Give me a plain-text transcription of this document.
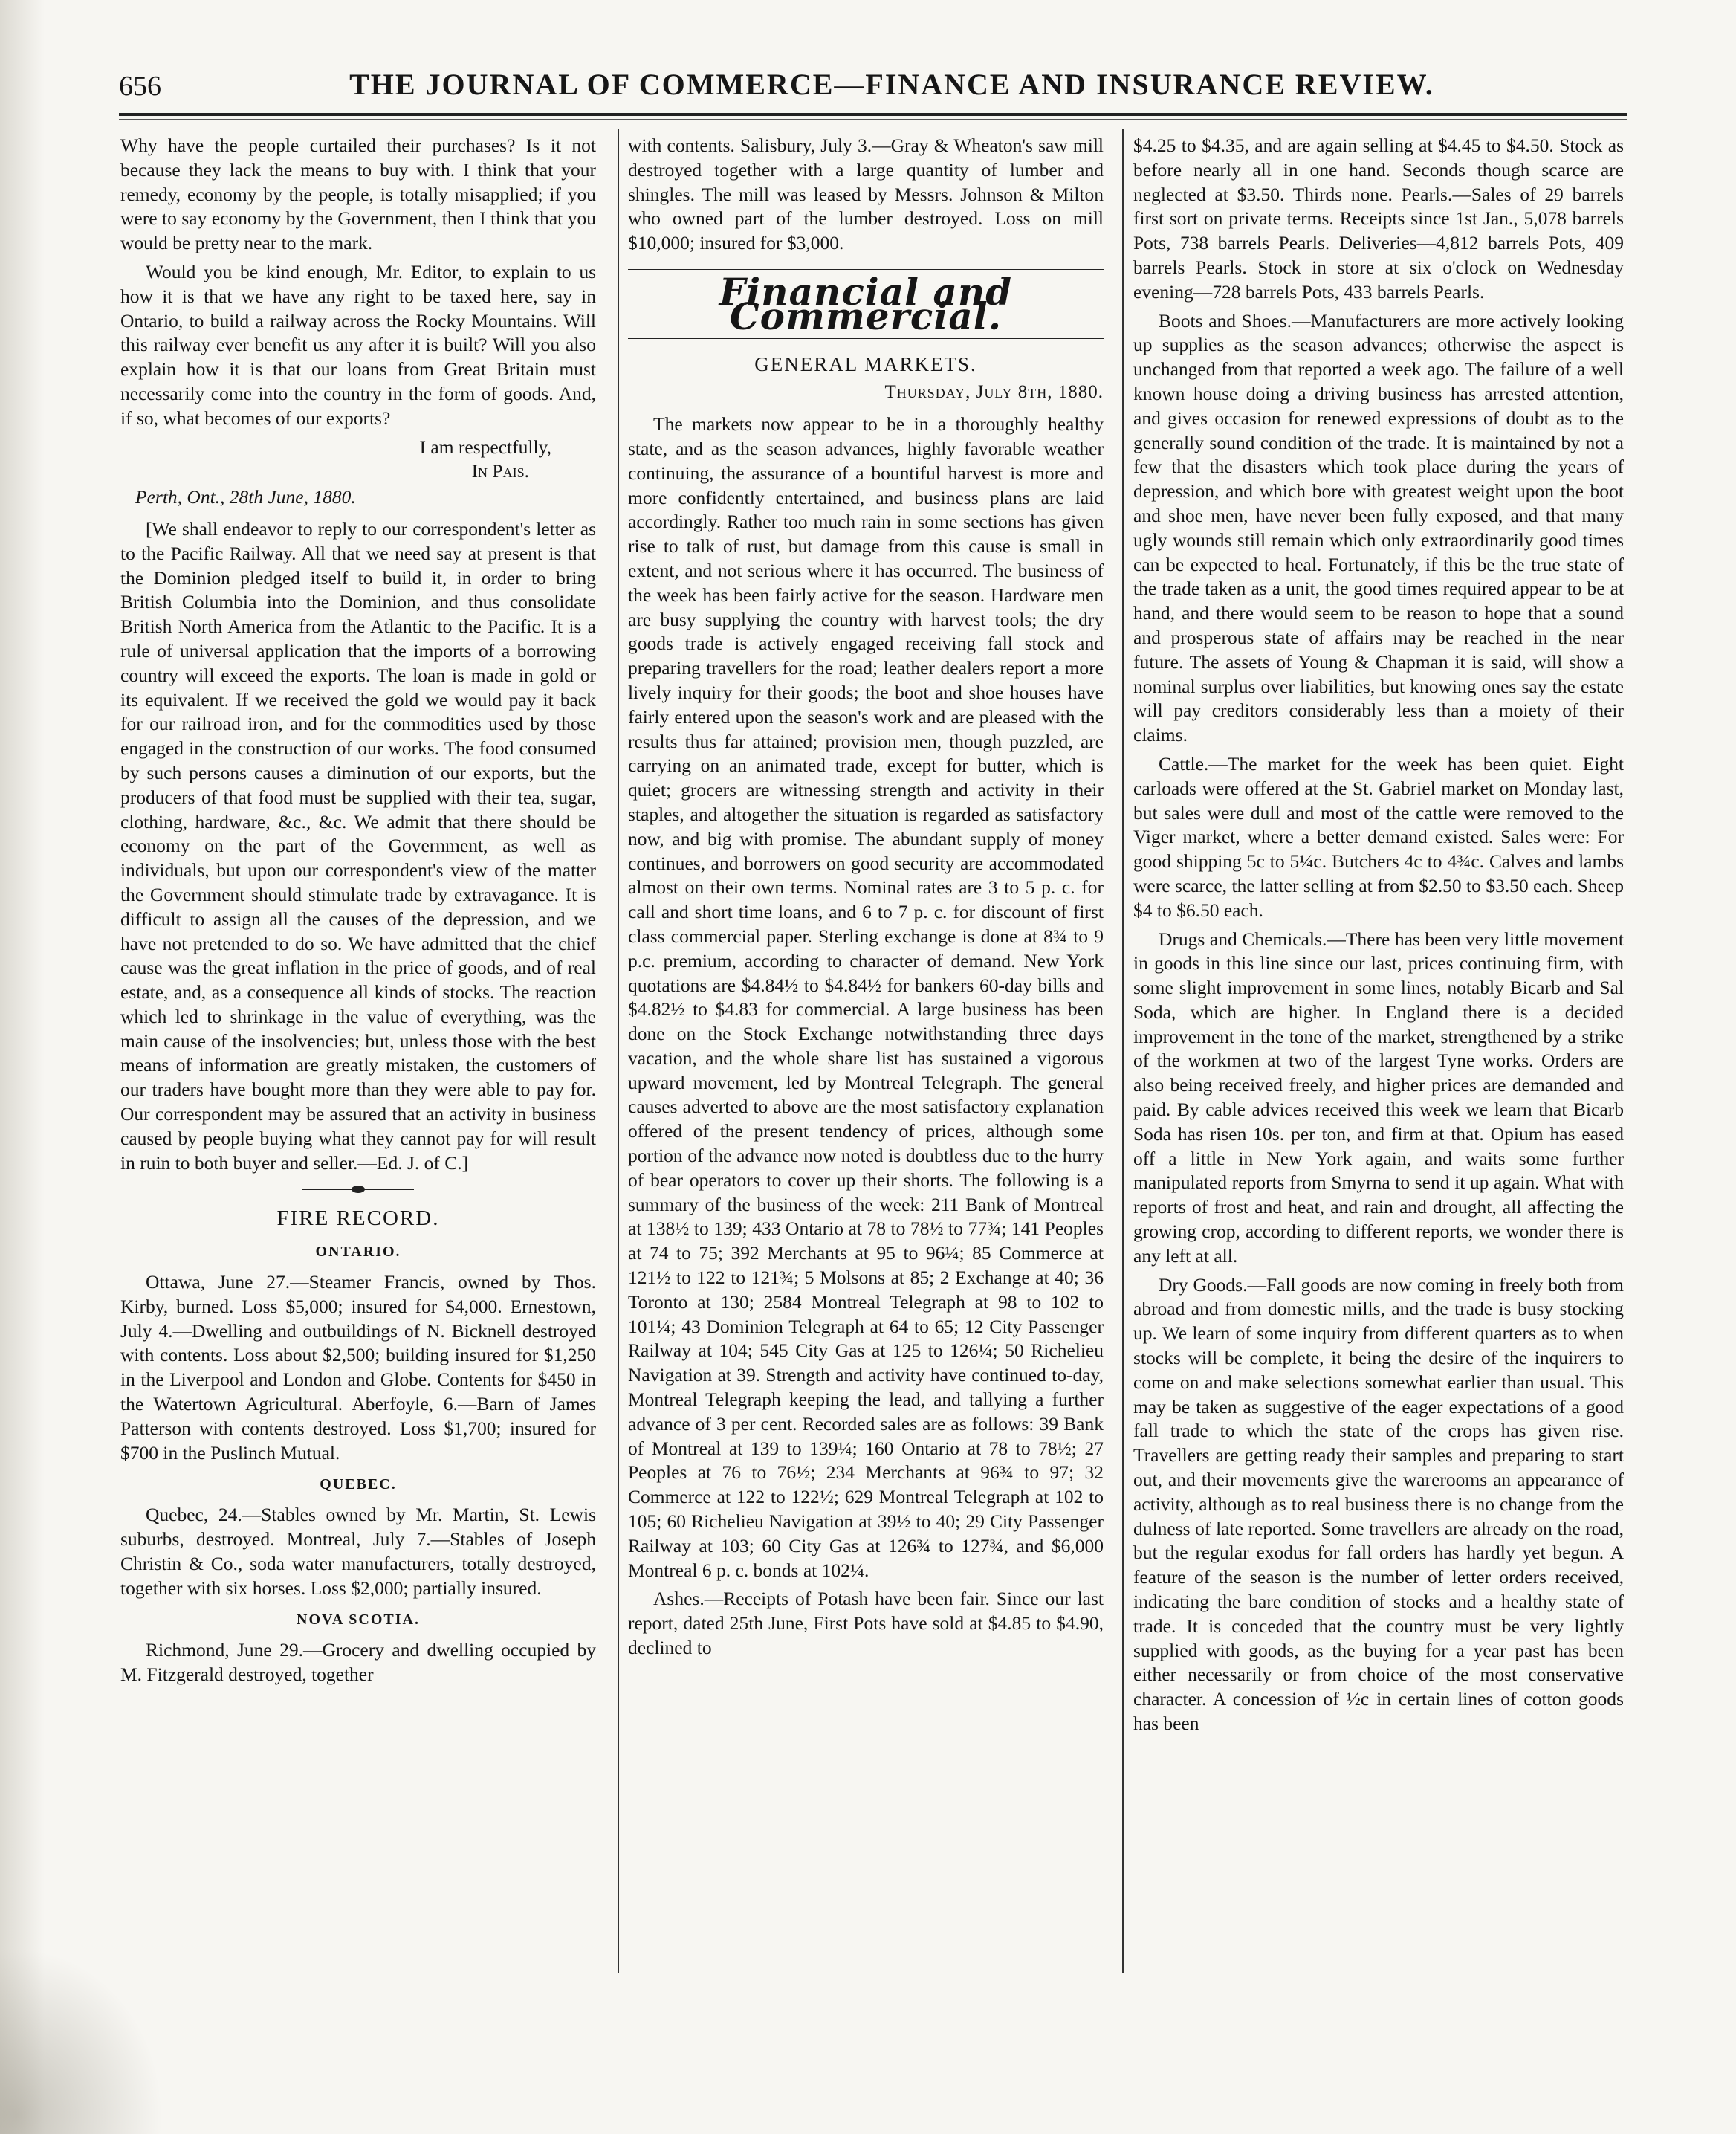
656	THE JOURNAL OF COMMERCE—FINANCE AND INSURANCE REVIEW.

Why have the people curtailed their purchases? Is it not because they lack the means to buy with. I think that your remedy, economy by the people, is totally misapplied; if you were to say economy by the Government, then I think that you would be pretty near to the mark.

Would you be kind enough, Mr. Editor, to explain to us how it is that we have any right to be taxed here, say in Ontario, to build a railway across the Rocky Mountains. Will this railway ever benefit us any after it is built? Will you also explain how it is that our loans from Great Britain must necessarily come into the country in the form of goods. And, if so, what becomes of our exports?

I am respectfully,

In Pais.

Perth, Ont., 28th June, 1880.

[We shall endeavor to reply to our correspondent's letter as to the Pacific Railway. All that we need say at present is that the Dominion pledged itself to build it, in order to bring British Columbia into the Dominion, and thus consolidate British North America from the Atlantic to the Pacific. It is a rule of universal application that the imports of a borrowing country will exceed the exports. The loan is made in gold or its equivalent. If we received the gold we would pay it back for our railroad iron, and for the commodities used by those engaged in the construction of our works. The food consumed by such persons causes a diminution of our exports, but the producers of that food must be supplied with their tea, sugar, clothing, hardware, &c., &c. We admit that there should be economy on the part of the Government, as well as individuals, but upon our correspondent's view of the matter the Government should stimulate trade by extravagance. It is difficult to assign all the causes of the depression, and we have not pretended to do so. We have admitted that the chief cause was the great inflation in the price of goods, and of real estate, and, as a consequence all kinds of stocks. The reaction which led to shrinkage in the value of everything, was the main cause of the insolvencies; but, unless those with the best means of information are greatly mistaken, the customers of our traders have bought more than they were able to pay for. Our correspondent may be assured that an activity in business caused by people buying what they cannot pay for will result in ruin to both buyer and seller.—Ed. J. of C.]

FIRE RECORD.

ONTARIO.

Ottawa, June 27.—Steamer Francis, owned by Thos. Kirby, burned. Loss $5,000; insured for $4,000. Ernestown, July 4.—Dwelling and outbuildings of N. Bicknell destroyed with contents. Loss about $2,500; building insured for $1,250 in the Liverpool and London and Globe. Contents for $450 in the Watertown Agricultural. Aberfoyle, 6.—Barn of James Patterson with contents destroyed. Loss $1,700; insured for $700 in the Puslinch Mutual.

QUEBEC.

Quebec, 24.—Stables owned by Mr. Martin, St. Lewis suburbs, destroyed. Montreal, July 7.—Stables of Joseph Christin & Co., soda water manufacturers, totally destroyed, together with six horses. Loss $2,000; partially insured.

NOVA SCOTIA.

Richmond, June 29.—Grocery and dwelling occupied by M. Fitzgerald destroyed, together

with contents. Salisbury, July 3.—Gray & Wheaton's saw mill destroyed together with a large quantity of lumber and shingles. The mill was leased by Messrs. Johnson & Milton who owned part of the lumber destroyed. Loss on mill $10,000; insured for $3,000.

Financial and Commercial.

GENERAL MARKETS.

Thursday, July 8th, 1880.

The markets now appear to be in a thoroughly healthy state, and as the season advances, highly favorable weather continuing, the assurance of a bountiful harvest is more and more confidently entertained, and business plans are laid accordingly. Rather too much rain in some sections has given rise to talk of rust, but damage from this cause is small in extent, and not serious where it has occurred. The business of the week has been fairly active for the season. Hardware men are busy supplying the country with harvest tools; the dry goods trade is actively engaged receiving fall stock and preparing travellers for the road; leather dealers report a more lively inquiry for their goods; the boot and shoe houses have fairly entered upon the season's work and are pleased with the results thus far attained; provision men, though puzzled, are carrying on an animated trade, except for butter, which is quiet; grocers are witnessing strength and activity in their staples, and altogether the situation is regarded as satisfactory now, and big with promise. The abundant supply of money continues, and borrowers on good security are accommodated almost on their own terms. Nominal rates are 3 to 5 p. c. for call and short time loans, and 6 to 7 p. c. for discount of first class commercial paper. Sterling exchange is done at 8¾ to 9 p.c. premium, according to character of demand. New York quotations are $4.84½ to $4.84½ for bankers 60-day bills and $4.82½ to $4.83 for commercial. A large business has been done on the Stock Exchange notwithstanding three days vacation, and the whole share list has sustained a vigorous upward movement, led by Montreal Telegraph. The general causes adverted to above are the most satisfactory explanation offered of the present tendency of prices, although some portion of the advance now noted is doubtless due to the hurry of bear operators to cover up their shorts. The following is a summary of the business of the week: 211 Bank of Montreal at 138½ to 139; 433 Ontario at 78 to 78½ to 77¾; 141 Peoples at 74 to 75; 392 Merchants at 95 to 96¼; 85 Commerce at 121½ to 122 to 121¾; 5 Molsons at 85; 2 Exchange at 40; 36 Toronto at 130; 2584 Montreal Telegraph at 98 to 102 to 101¼; 43 Dominion Telegraph at 64 to 65; 12 City Passenger Railway at 104; 545 City Gas at 125 to 126¼; 50 Richelieu Navigation at 39. Strength and activity have continued to-day, Montreal Telegraph keeping the lead, and tallying a further advance of 3 per cent. Recorded sales are as follows: 39 Bank of Montreal at 139 to 139¼; 160 Ontario at 78 to 78½; 27 Peoples at 76 to 76½; 234 Merchants at 96¾ to 97; 32 Commerce at 122 to 122½; 629 Montreal Telegraph at 102 to 105; 60 Richelieu Navigation at 39½ to 40; 29 City Passenger Railway at 103; 60 City Gas at 126¾ to 127¾, and $6,000 Montreal 6 p. c. bonds at 102¼.

Ashes.—Receipts of Potash have been fair. Since our last report, dated 25th June, First Pots have sold at $4.85 to $4.90, declined to

$4.25 to $4.35, and are again selling at $4.45 to $4.50. Stock as before nearly all in one hand. Seconds though scarce are neglected at $3.50. Thirds none. Pearls.—Sales of 29 barrels first sort on private terms. Receipts since 1st Jan., 5,078 barrels Pots, 738 barrels Pearls. Deliveries—4,812 barrels Pots, 409 barrels Pearls. Stock in store at six o'clock on Wednesday evening—728 barrels Pots, 433 barrels Pearls.

Boots and Shoes.—Manufacturers are more actively looking up supplies as the season advances; otherwise the aspect is unchanged from that reported a week ago. The failure of a well known house doing a driving business has arrested attention, and gives occasion for renewed expressions of doubt as to the generally sound condition of the trade. It is maintained by not a few that the disasters which took place during the years of depression, and which bore with greatest weight upon the boot and shoe men, have never been fully exposed, and that many ugly wounds still remain which only extraordinarily good times can be expected to heal. Fortunately, if this be the true state of the trade taken as a unit, the good times required appear to be at hand, and there would seem to be reason to hope that a sound and prosperous state of affairs may be reached in the near future. The assets of Young & Chapman it is said, will show a nominal surplus over liabilities, but knowing ones say the estate will pay creditors considerably less than a moiety of their claims.

Cattle.—The market for the week has been quiet. Eight carloads were offered at the St. Gabriel market on Monday last, but sales were dull and most of the cattle were removed to the Viger market, where a better demand existed. Sales were: For good shipping 5c to 5¼c. Butchers 4c to 4¾c. Calves and lambs were scarce, the latter selling at from $2.50 to $3.50 each. Sheep $4 to $6.50 each.

Drugs and Chemicals.—There has been very little movement in goods in this line since our last, prices continuing firm, with some slight improvement in some lines, notably Bicarb and Sal Soda, which are higher. In England there is a decided improvement in the tone of the market, strengthened by a strike of the workmen at two of the largest Tyne works. Orders are also being received freely, and higher prices are demanded and paid. By cable advices received this week we learn that Bicarb Soda has risen 10s. per ton, and firm at that. Opium has eased off a little in New York again, and waits some further manipulated reports from Smyrna to send it up again. What with reports of frost and heat, and rain and drought, all affecting the growing crop, according to different reports, we wonder there is any left at all.

Dry Goods.—Fall goods are now coming in freely both from abroad and from domestic mills, and the trade is busy stocking up. We learn of some inquiry from different quarters as to when stocks will be complete, it being the desire of the inquirers to come on and make selections somewhat earlier than usual. This may be taken as suggestive of the eager expectations of a good fall trade to which the state of the crops has given rise. Travellers are getting ready their samples and preparing to start out, and their movements give the warerooms an appearance of activity, although as to real business there is no change from the dulness of late reported. Some travellers are already on the road, but the regular exodus for fall orders has hardly yet begun. A feature of the season is the number of letter orders received, indicating the bare condition of stocks and a healthy state of trade. It is conceded that the country must be very lightly supplied with goods, as the buying for a year past has been either necessarily or from choice of the most conservative character. A concession of ½c in certain lines of cotton goods has been
